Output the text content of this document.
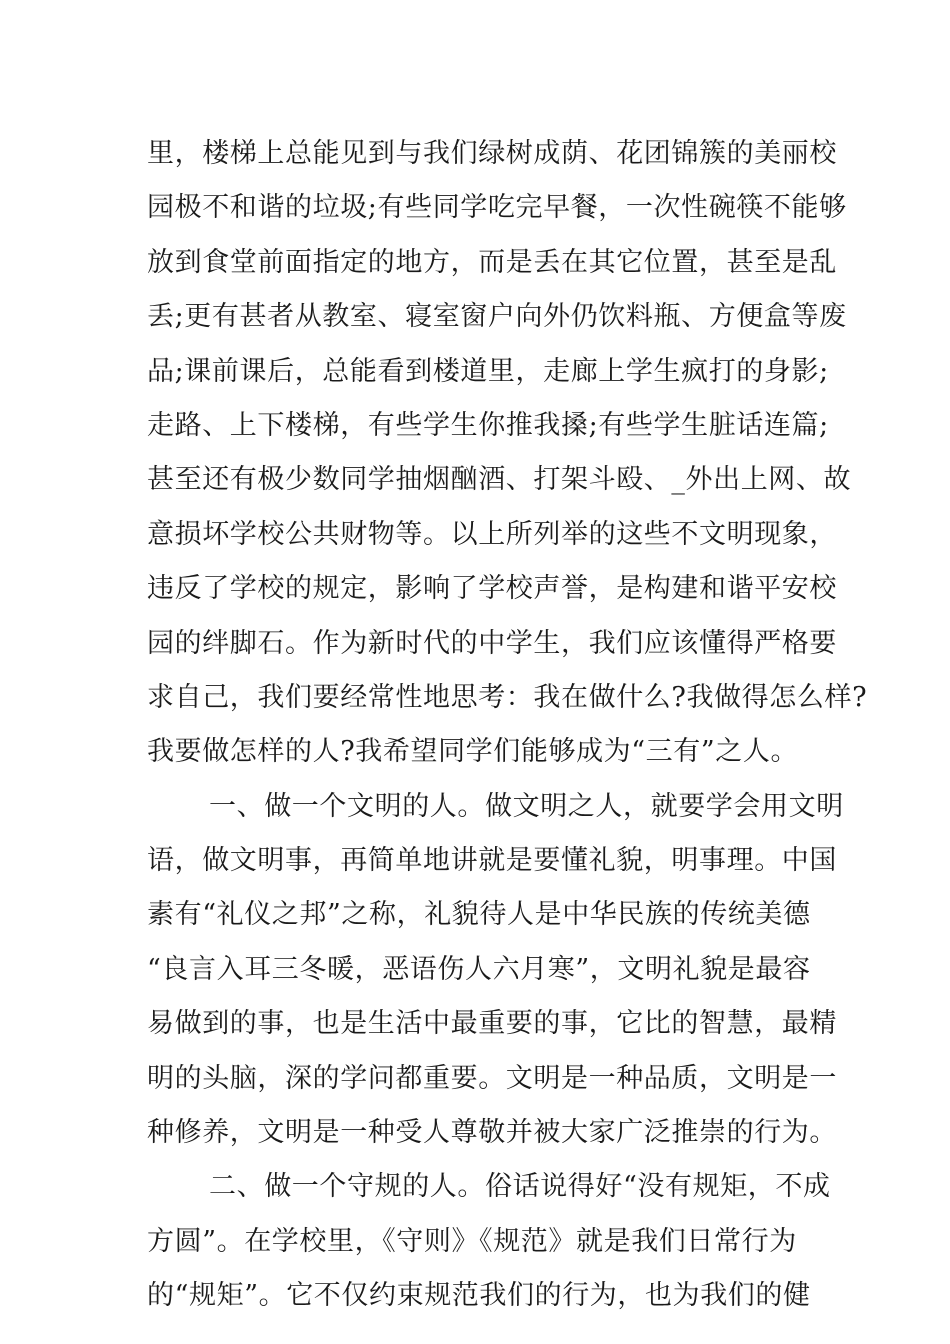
里，楼梯上总能见到与我们绿树成荫、花团锦簇的美丽校
园极不和谐的垃圾;有些同学吃完早餐，一次性碗筷不能够
放到食堂前面指定的地方，而是丢在其它位置，甚至是乱
丢;更有甚者从教室、寝室窗户向外仍饮料瓶、方便盒等废
品;课前课后，总能看到楼道里，走廊上学生疯打的身影;
走路、上下楼梯，有些学生你推我搡;有些学生脏话连篇;
甚至还有极少数同学抽烟酗酒、打架斗殴、_外出上网、故
意损坏学校公共财物等。以上所列举的这些不文明现象，
违反了学校的规定，影响了学校声誉，是构建和谐平安校
园的绊脚石。作为新时代的中学生，我们应该懂得严格要
求自己，我们要经常性地思考：我在做什么?我做得怎么样?
我要做怎样的人?我希望同学们能够成为“三有”之人。
一、做一个文明的人。做文明之人，就要学会用文明
语，做文明事，再简单地讲就是要懂礼貌，明事理。中国
素有“礼仪之邦”之称，礼貌待人是中华民族的传统美德
“良言入耳三冬暖，恶语伤人六月寒”，文明礼貌是最容
易做到的事，也是生活中最重要的事，它比的智慧，最精
明的头脑，深的学问都重要。文明是一种品质，文明是一
种修养，文明是一种受人尊敬并被大家广泛推崇的行为。
二、做一个守规的人。俗话说得好“没有规矩，不成
方圆”。在学校里，《守则》《规范》就是我们日常行为
的“规矩”。它不仅约束规范我们的行为，也为我们的健
